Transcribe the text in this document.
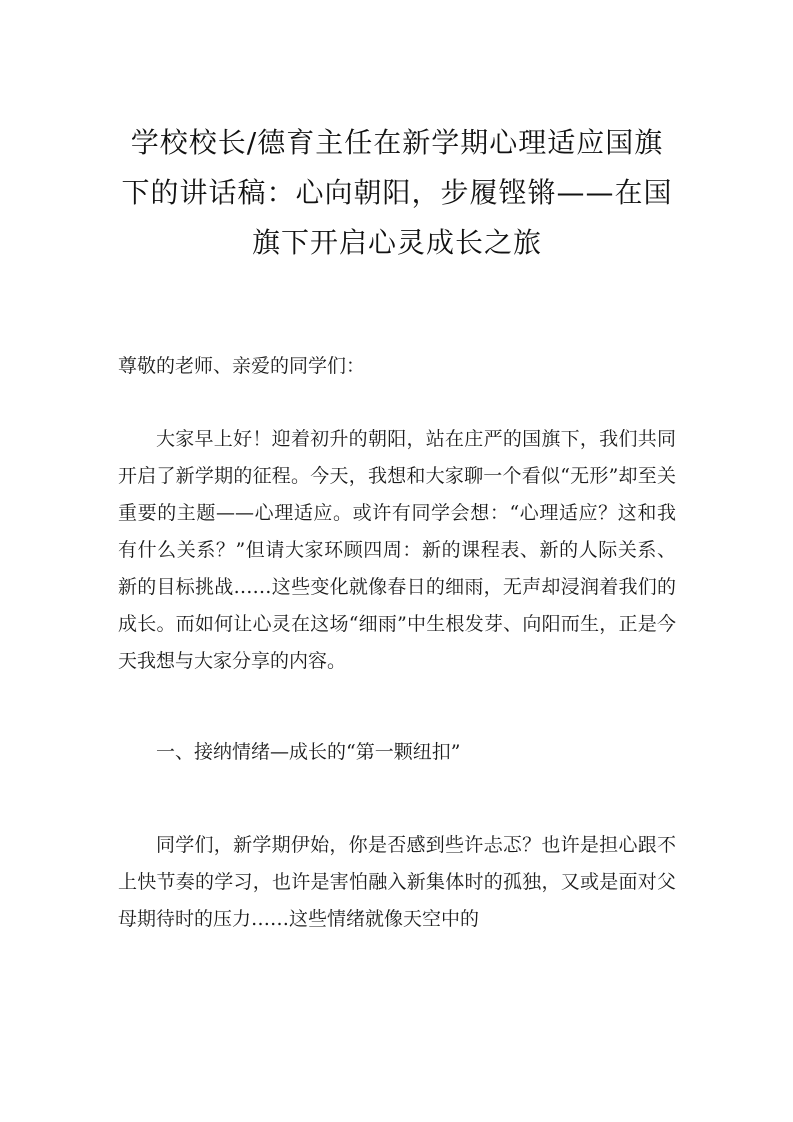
学校校长/德育主任在新学期心理适应国旗下的讲话稿：心向朝阳，步履铿锵——在国旗下开启心灵成长之旅

尊敬的老师、亲爱的同学们：

大家早上好！迎着初升的朝阳，站在庄严的国旗下，我们共同开启了新学期的征程。今天，我想和大家聊一个看似“无形”却至关重要的主题——心理适应。或许有同学会想：“心理适应？这和我有什么关系？”但请大家环顾四周：新的课程表、新的人际关系、新的目标挑战……这些变化就像春日的细雨，无声却浸润着我们的成长。而如何让心灵在这场“细雨”中生根发芽、向阳而生，正是今天我想与大家分享的内容。

一、接纳情绪—成长的“第一颗纽扣”

同学们，新学期伊始，你是否感到些许忐忑？也许是担心跟不上快节奏的学习，也许是害怕融入新集体时的孤独，又或是面对父母期待时的压力……这些情绪就像天空中的
